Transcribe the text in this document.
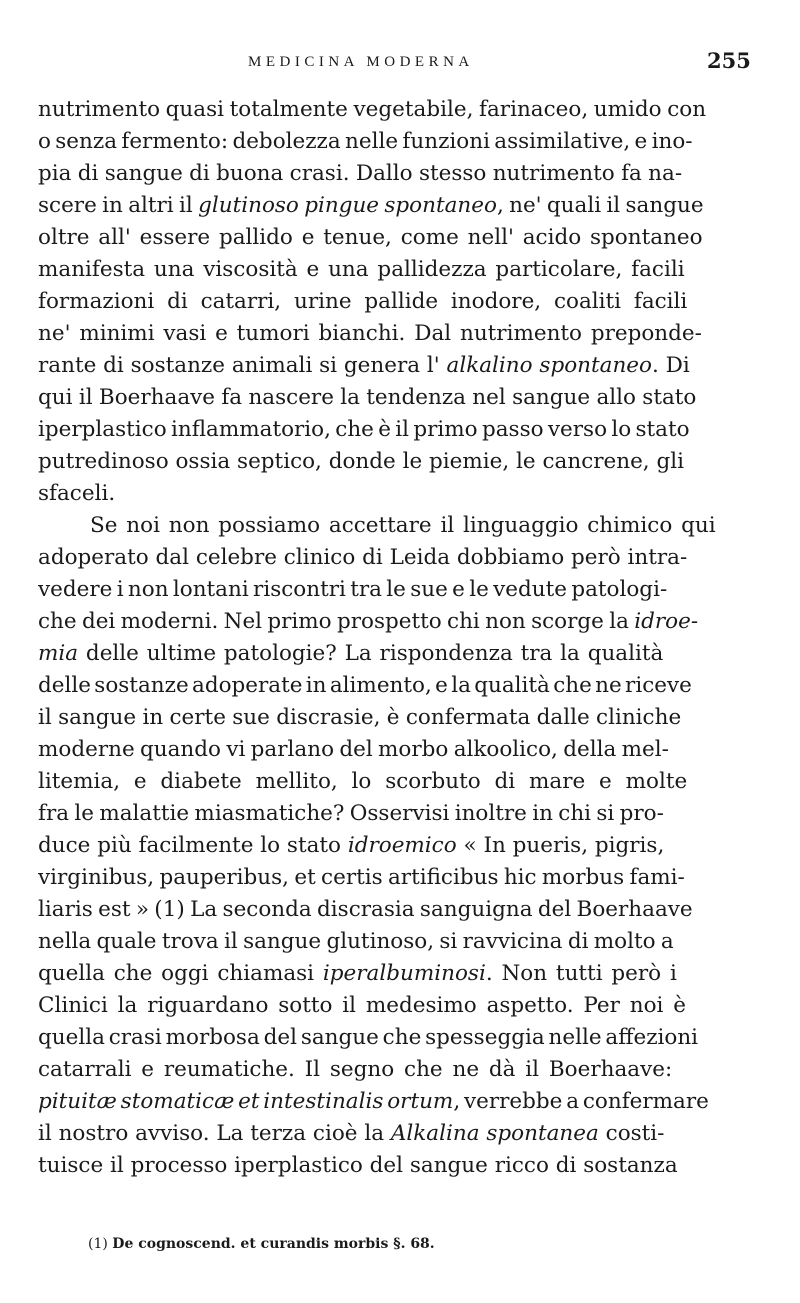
MEDICINA MODERNA	255
nutrimento quasi totalmente vegetabile, farinaceo, umido con
o senza fermento: debolezza nelle funzioni assimilative, e ino-
pia di sangue di buona crasi. Dallo stesso nutrimento fa na-
scere in altri il glutinoso pingue spontaneo, ne' quali il sangue
oltre all' essere pallido e tenue, come nell' acido spontaneo
manifesta una viscosità e una pallidezza particolare, facili
formazioni di catarri, urine pallide inodore, coaliti facili
ne' minimi vasi e tumori bianchi. Dal nutrimento preponde-
rante di sostanze animali si genera l' alkalino spontaneo. Di
qui il Boerhaave fa nascere la tendenza nel sangue allo stato
iperplastico inflammatorio, che è il primo passo verso lo stato
putredinoso ossia septico, donde le piemie, le cancrene, gli
sfaceli.
Se noi non possiamo accettare il linguaggio chimico qui
adoperato dal celebre clinico di Leida dobbiamo però intra-
vedere i non lontani riscontri tra le sue e le vedute patologi-
che dei moderni. Nel primo prospetto chi non scorge la idroe-
mia delle ultime patologie? La rispondenza tra la qualità
delle sostanze adoperate in alimento, e la qualità che ne riceve
il sangue in certe sue discrasie, è confermata dalle cliniche
moderne quando vi parlano del morbo alkoolico, della mel-
litemia, e diabete mellito, lo scorbuto di mare e molte
fra le malattie miasmatiche? Osservisi inoltre in chi si pro-
duce più facilmente lo stato idroemico « In pueris, pigris,
virginibus, pauperibus, et certis artificibus hic morbus fami-
liaris est » (1) La seconda discrasia sanguigna del Boerhaave
nella quale trova il sangue glutinoso, si ravvicina di molto a
quella che oggi chiamasi iperalbuminosi. Non tutti però i
Clinici la riguardano sotto il medesimo aspetto. Per noi è
quella crasi morbosa del sangue che spesseggia nelle affezioni
catarrali e reumatiche. Il segno che ne dà il Boerhaave:
pituitæ stomaticæ et intestinalis ortum, verrebbe a confermare
il nostro avviso. La terza cioè la Alkalina spontanea costi-
tuisce il processo iperplastico del sangue ricco di sostanza
(1) De cognoscend. et curandis morbis §. 68.
